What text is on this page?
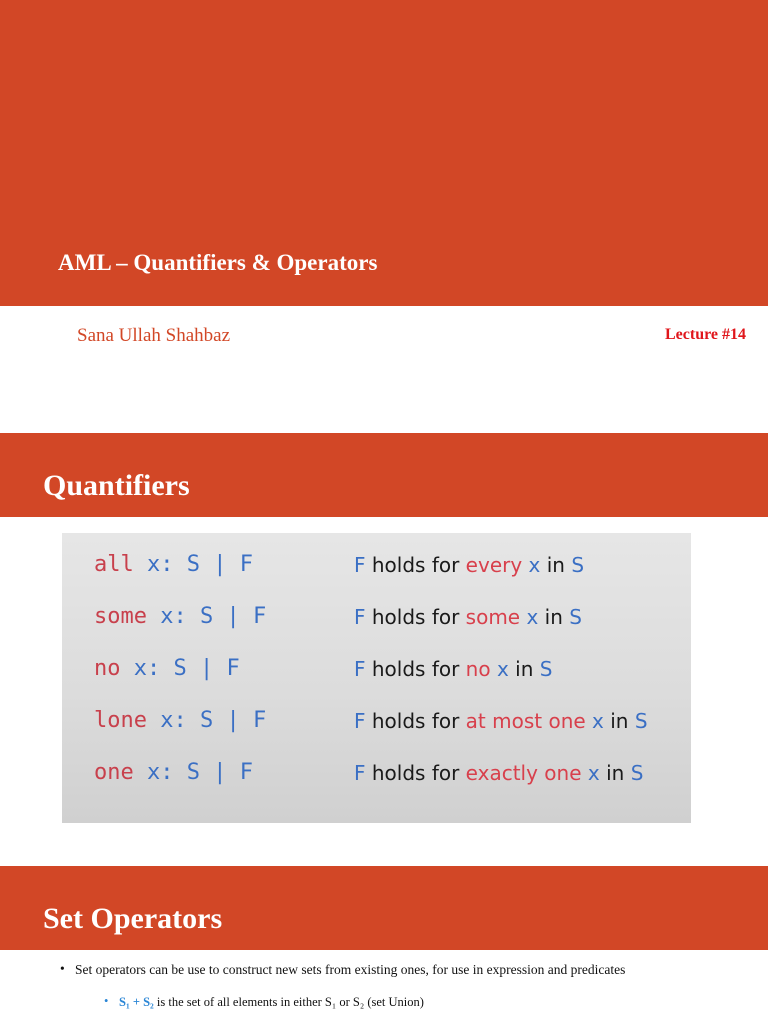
AML – Quantifiers & Operators
Sana Ullah Shahbaz	Lecture #14
Quantifiers
all x: S | F	F holds for every x in S
some x: S | F	F holds for some x in S
no x: S | F	F holds for no x in S
lone x: S | F	F holds for at most one x in S
one x: S | F	F holds for exactly one x in S
Set Operators
• Set operators can be use to construct new sets from existing ones, for use in expression and predicates
• S₁ + S₂ is the set of all elements in either S₁ or S₂ (set Union)
